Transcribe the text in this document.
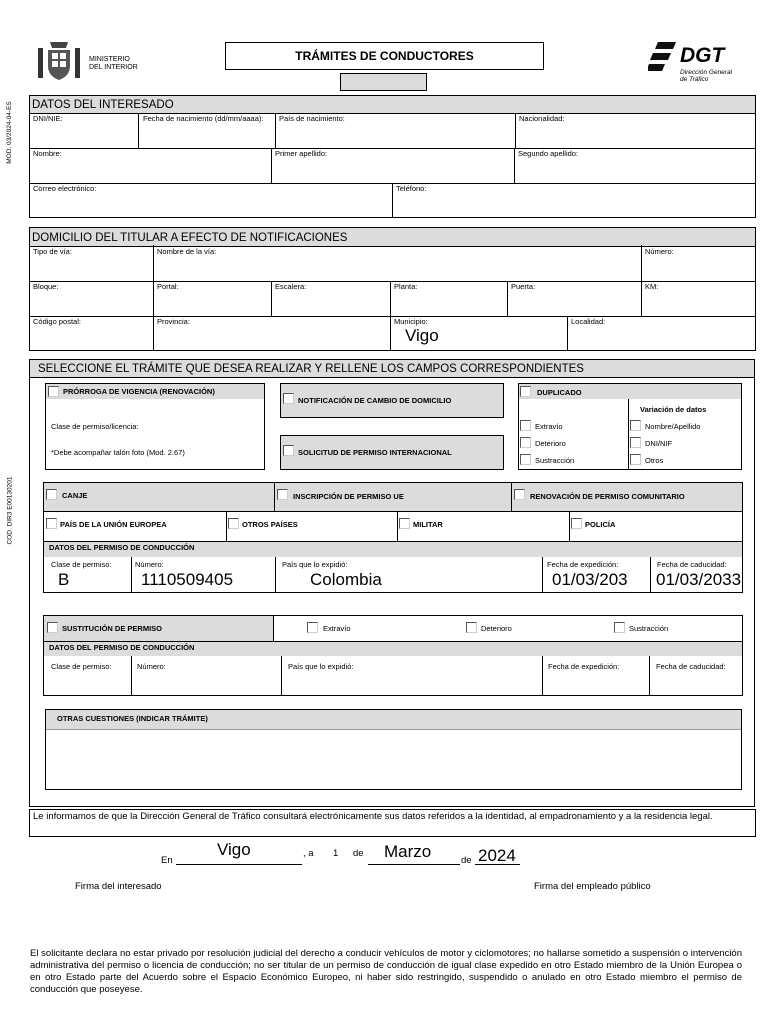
MINISTERIO
DEL INTERIOR
TRÁMITES DE CONDUCTORES	DGT
Dirección General
de Tráfico
MOD. 03/2024-04-ES
COD. DIR3 E00130201
DATOS DEL INTERESADO
DNI/NIE:	Fecha de nacimiento (dd/mm/aaaa): País de nacimiento:	Nacionalidad:
Nombre:	Primer apellido:	Segundo apellido:
Correo electrónico:	Teléfono:
DOMICILIO DEL TITULAR A EFECTO DE NOTIFICACIONES
Tipo de vía:	Nombre de la vía:	Número:
Bloque:	Portal:	Escalera:	Planta:	Puerta:	KM:
Código postal:	Provincia:	Municipio:
Vigo
Localidad:
SELECCIONE EL TRÁMITE QUE DESEA REALIZAR Y RELLENE LOS CAMPOS CORRESPONDIENTES
PRÓRROGA DE VIGENCIA (RENOVACIÓN)
Clase de permiso/licencia:
*Debe acompañar talón foto (Mod. 2.67)
NOTIFICACIÓN DE CAMBIO DE DOMICILIO
SOLICITUD DE PERMISO INTERNACIONAL
DUPLICADO
Variación de datos
Extravío
Deterioro
Sustracción
Nombre/Apellido
DNI/NIF
Otros
CANJE	INSCRIPCIÓN DE PERMISO UE	RENOVACIÓN DE PERMISO COMUNITARIO
PAÍS DE LA UNIÓN EUROPEA	OTROS PAÍSES	MILITAR	POLICÍA
DATOS DEL PERMISO DE CONDUCCIÓN
Clase de permiso:	Número:	País que lo expidió:	Fecha de expedición:	Fecha de caducidad:
B	1110509405	Colombia	01/03/203 01/03/2033
SUSTITUCIÓN DE PERMISO	Extravío	Deterioro	Sustracción
DATOS DEL PERMISO DE CONDUCCIÓN
Clase de permiso:	Número:	País que lo expidió:	Fecha de expedición:	Fecha de caducidad:
OTRAS CUESTIONES (INDICAR TRÁMITE)
Le informamos de que la Dirección General de Tráfico consultará electrónicamente sus datos referidos a la identidad, al empadronamiento y a la residencia legal.
En
Vigo	, a 1 de Marzo	de 2024
Firma del interesado	Firma del empleado público
El solicitante declara no estar privado por resolución judicial del derecho a conducir vehículos de motor y ciclomotores; no hallarse sometido a suspensión o intervención administrativa del permiso o licencia de conducción; no ser titular de un permiso de conducción de igual clase expedido en otro Estado miembro de la Unión Europea o en otro Estado parte del Acuerdo sobre el Espacio Económico Europeo, ni haber sido restringido, suspendido o anulado en otro Estado miembro el permiso de conducción que poseyese.
